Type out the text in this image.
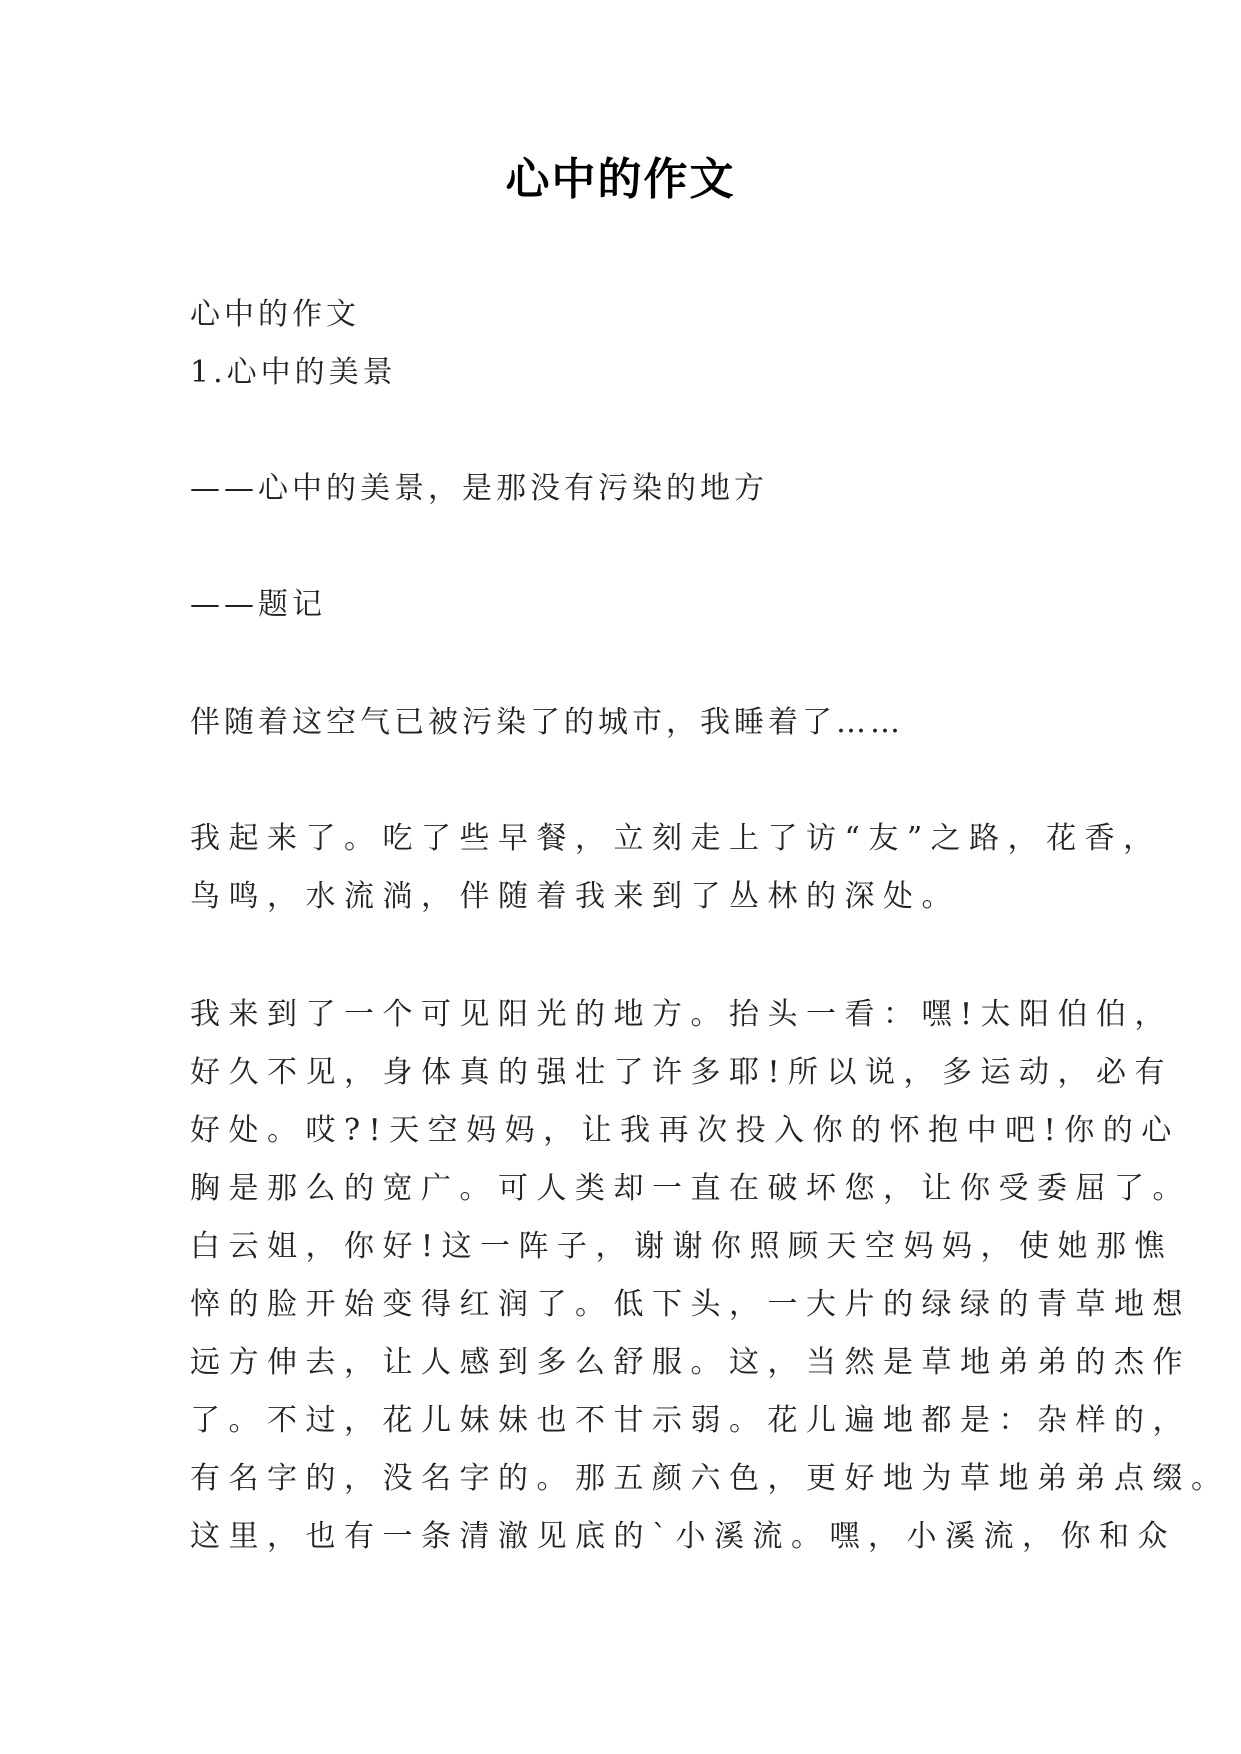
心中的作文
心中的作文
1.心中的美景
——心中的美景，是那没有污染的地方
——题记
伴随着这空气已被污染了的城市，我睡着了……
我起来了。吃了些早餐，立刻走上了访“友”之路，花香，
鸟鸣，水流淌，伴随着我来到了丛林的深处。
我来到了一个可见阳光的地方。抬头一看：嘿!太阳伯伯，
好久不见，身体真的强壮了许多耶!所以说，多运动，必有
好处。哎?!天空妈妈，让我再次投入你的怀抱中吧!你的心
胸是那么的宽广。可人类却一直在破坏您，让你受委屈了。
白云姐，你好!这一阵子，谢谢你照顾天空妈妈，使她那憔
悴的脸开始变得红润了。低下头，一大片的绿绿的青草地想
远方伸去，让人感到多么舒服。这，当然是草地弟弟的杰作
了。不过，花儿妹妹也不甘示弱。花儿遍地都是：杂样的，
有名字的，没名字的。那五颜六色，更好地为草地弟弟点缀。
这里，也有一条清澈见底的`小溪流。嘿，小溪流，你和众
